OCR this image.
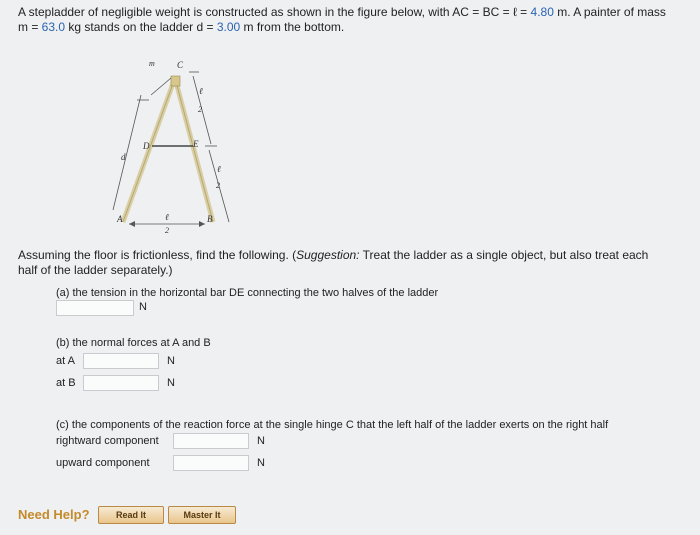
A stepladder of negligible weight is constructed as shown in the figure below, with AC = BC = ℓ = 4.80 m. A painter of mass
m = 63.0 kg stands on the ladder d = 3.00 m from the bottom.
m C
D	E
A	B
d
ℓ
2
ℓ
2
ℓ
2
Assuming the floor is frictionless, find the following. (Suggestion: Treat the ladder as a single object, but also treat each
half of the ladder separately.)
(a) the tension in the horizontal bar DE connecting the two halves of the ladder
N
(b) the normal forces at A and B
at A	N
at B	N
(c) the components of the reaction force at the single hinge C that the left half of the ladder exerts on the right half
rightward component	N
upward component	N
Need Help?	Read It	Master It
